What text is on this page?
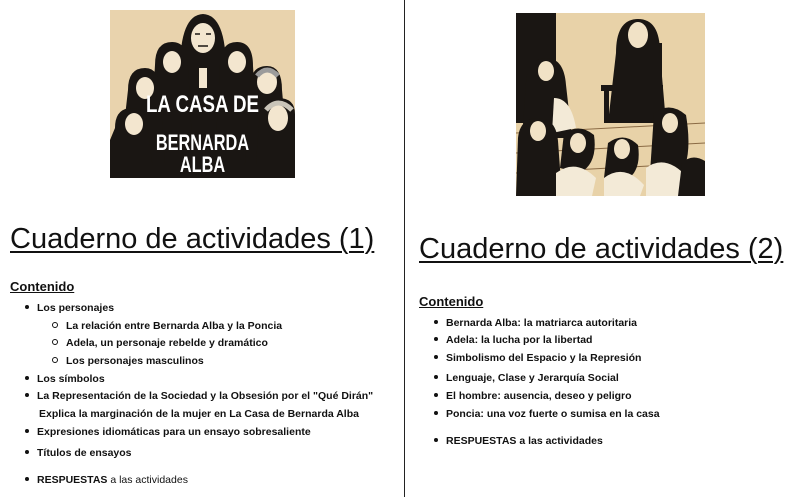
LA CASA DE
BERNARDA ALBA
Cuaderno de actividades (1)
Contenido
Los personajes
La relación entre Bernarda Alba y la Poncia
Adela, un personaje rebelde y dramático
Los personajes masculinos
Los símbolos
La Representación de la Sociedad y la Obsesión por el "Qué Dirán"
Explica la marginación de la mujer en La Casa de Bernarda Alba
Expresiones idiomáticas para un ensayo sobresaliente
Títulos de ensayos
RESPUESTAS a las actividades
Cuaderno de actividades (2)
Contenido
Bernarda Alba: la matriarca autoritaria
Adela: la lucha por la libertad
Simbolismo del Espacio y la Represión
Lenguaje, Clase y Jerarquía Social
El hombre: ausencia, deseo y peligro
Poncia: una voz fuerte o sumisa en la casa
RESPUESTAS a las actividades
